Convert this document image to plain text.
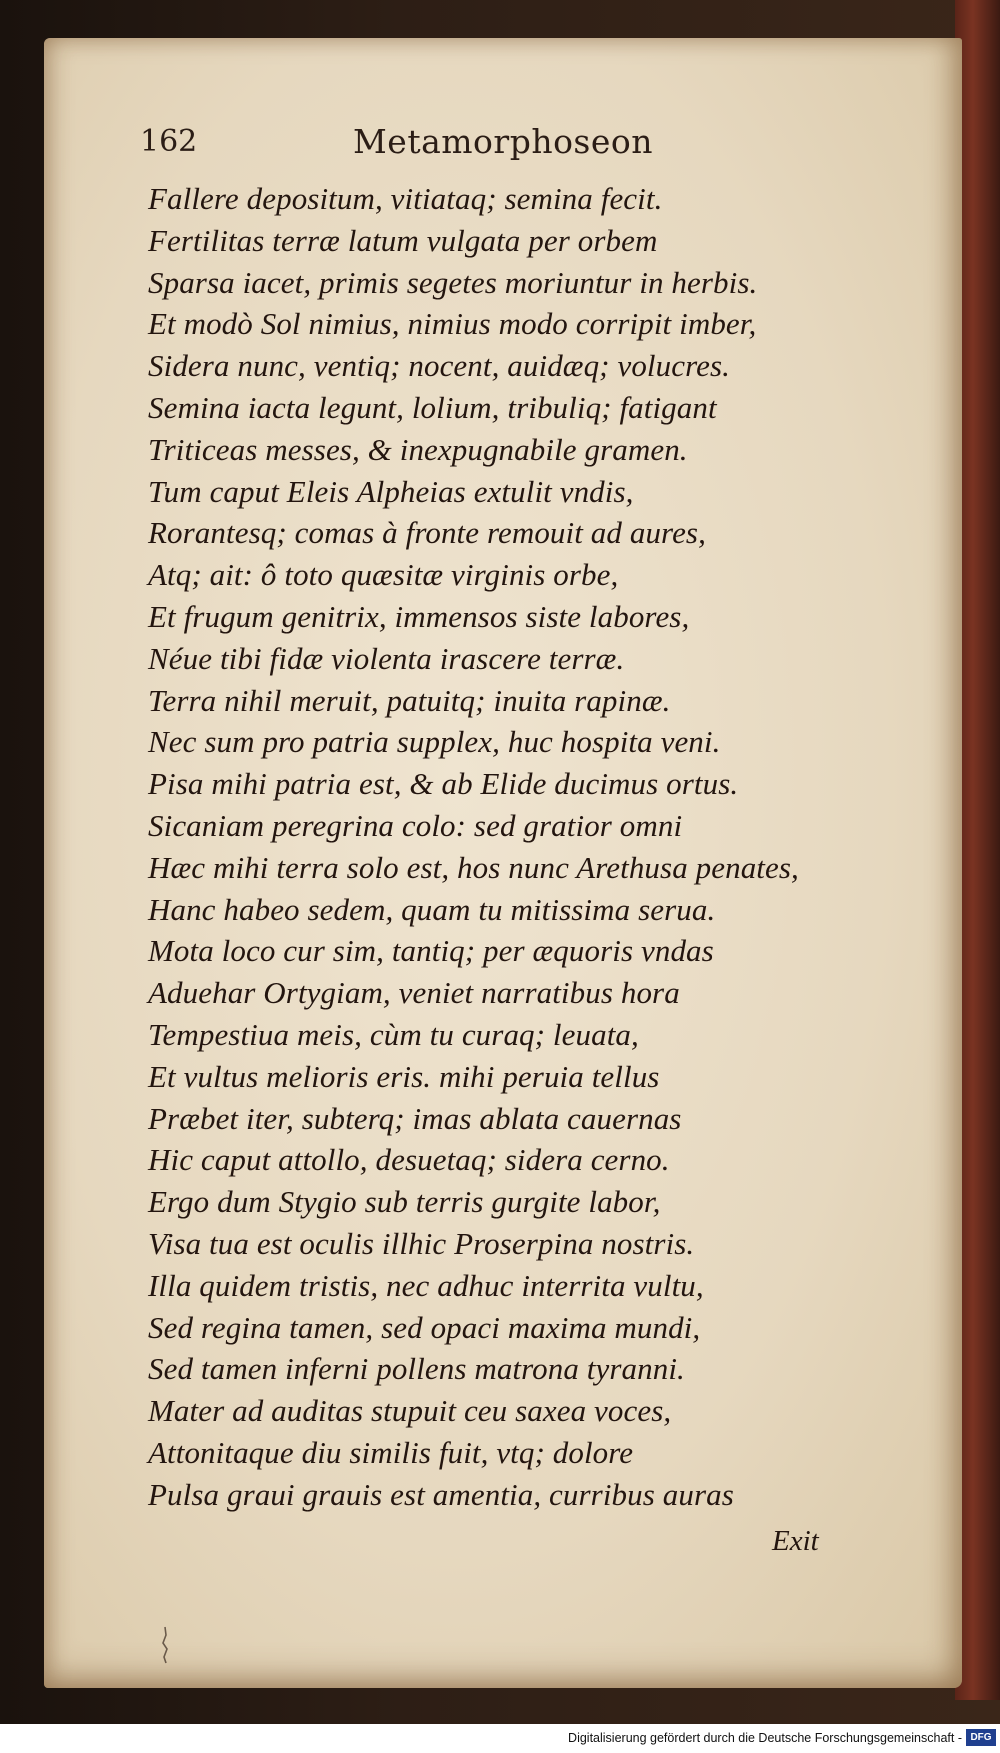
162	Metamorphoseon
Fallere depositum, vitiataq; semina fecit.
Fertilitas terræ latum vulgata per orbem
Sparsa iacet, primis segetes moriuntur in herbis.
Et modò Sol nimius, nimius modo corripit imber,
Sidera nunc, ventiq; nocent, auidæq; volucres.
Semina iacta legunt, lolium, tribuliq; fatigant
Triticeas messes, & inexpugnabile gramen.
Tum caput Eleis Alpheias extulit vndis,
Rorantesq; comas à fronte remouit ad aures,
Atq; ait: ô toto quæsitæ virginis orbe,
Et frugum genitrix, immensos siste labores,
Néue tibi fidæ violenta irascere terræ.
Terra nihil meruit, patuitq; inuita rapinæ.
Nec sum pro patria supplex, huc hospita veni.
Pisa mihi patria est, & ab Elide ducimus ortus.
Sicaniam peregrina colo: sed gratior omni
Hæc mihi terra solo est, hos nunc Arethusa penates,
Hanc habeo sedem, quam tu mitissima serua.
Mota loco cur sim, tantiq; per æquoris vndas
Aduehar Ortygiam, veniet narratibus hora
Tempestiua meis, cùm tu curaq; leuata,
Et vultus melioris eris. mihi peruia tellus
Præbet iter, subterq; imas ablata cauernas
Hic caput attollo, desuetaq; sidera cerno.
Ergo dum Stygio sub terris gurgite labor,
Visa tua est oculis illhic Proserpina nostris.
Illa quidem tristis, nec adhuc interrita vultu,
Sed regina tamen, sed opaci maxima mundi,
Sed tamen inferni pollens matrona tyranni.
Mater ad auditas stupuit ceu saxea voces,
Attonitaque diu similis fuit, vtq; dolore
Pulsa graui grauis est amentia, curribus auras
Exit
Digitalisierung gefördert durch die Deutsche Forschungsgemeinschaft - DFG
